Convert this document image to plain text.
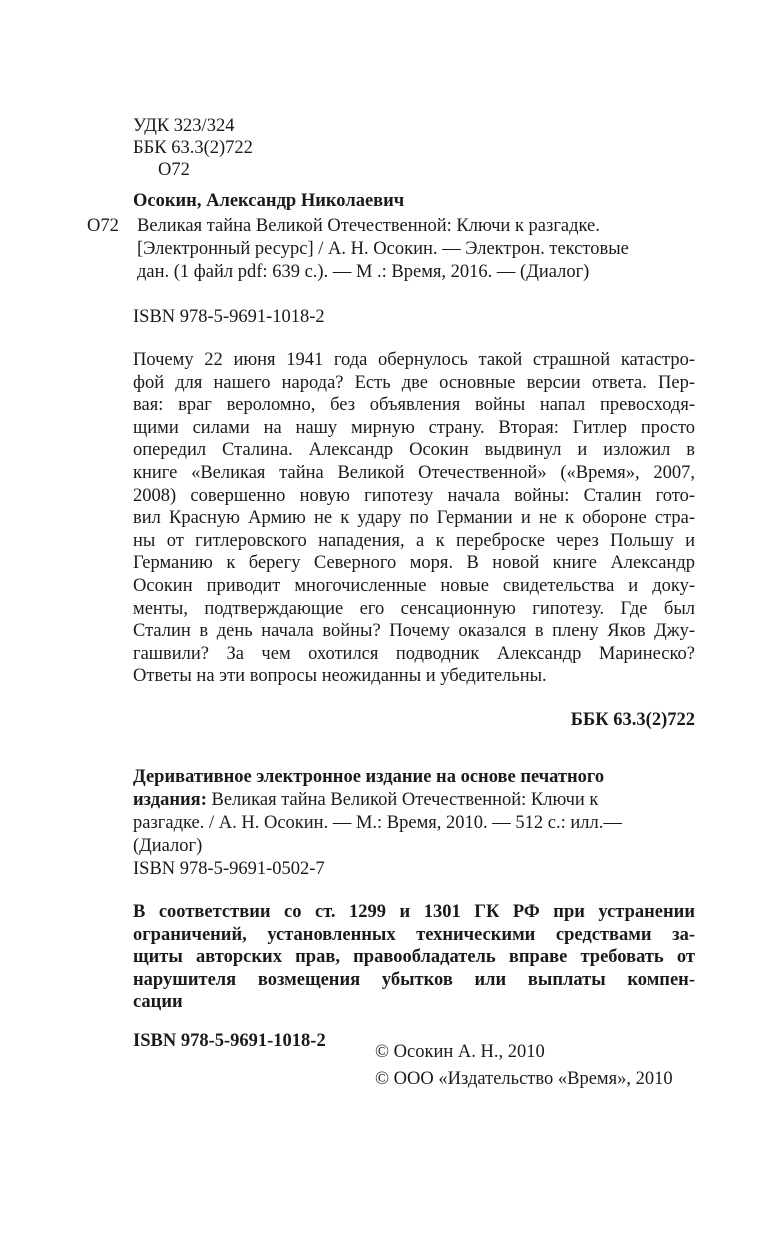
УДК 323/324
ББК 63.3(2)722
О72
Осокин, Александр Николаевич
О72 Великая тайна Великой Отечественной: Ключи к разгадке.
[Электронный ресурс] / А. Н. Осокин. — Электрон. текстовые
дан. (1 файл pdf: 639 с.). — М .: Время, 2016. — (Диалог)
ISBN 978-5-9691-1018-2
Почему 22 июня 1941 года обернулось такой страшной катастро-
фой для нашего народа? Есть две основные версии ответа. Пер-
вая: враг вероломно, без объявления войны напал превосходя-
щими силами на нашу мирную страну. Вторая: Гитлер просто
опередил Сталина. Александр Осокин выдвинул и изложил в
книге «Великая тайна Великой Отечественной» («Время», 2007,
2008) совершенно новую гипотезу начала войны: Сталин гото-
вил Красную Армию не к удару по Германии и не к обороне стра-
ны от гитлеровского нападения, а к переброске через Польшу и
Германию к берегу Северного моря. В новой книге Александр
Осокин приводит многочисленные новые свидетельства и доку-
менты, подтверждающие его сенсационную гипотезу. Где был
Сталин в день начала войны? Почему оказался в плену Яков Джу-
гашвили? За чем охотился подводник Александр Маринеско?
Ответы на эти вопросы неожиданны и убедительны.
ББК 63.3(2)722
Деривативное электронное издание на основе печатного
издания: Великая тайна Великой Отечественной: Ключи к
разгадке. / А. Н. Осокин. — М.: Время, 2010. — 512 с.: илл.—
(Диалог)
ISBN 978-5-9691-0502-7
В соответствии со ст. 1299 и 1301 ГК РФ при устранении
ограничений, установленных техническими средствами за-
щиты авторских прав, правообладатель вправе требовать от
нарушителя возмещения убытков или выплаты компен-
сации
ISBN 978-5-9691-1018-2
© Осокин А. Н., 2010
© ООО «Издательство «Время», 2010
